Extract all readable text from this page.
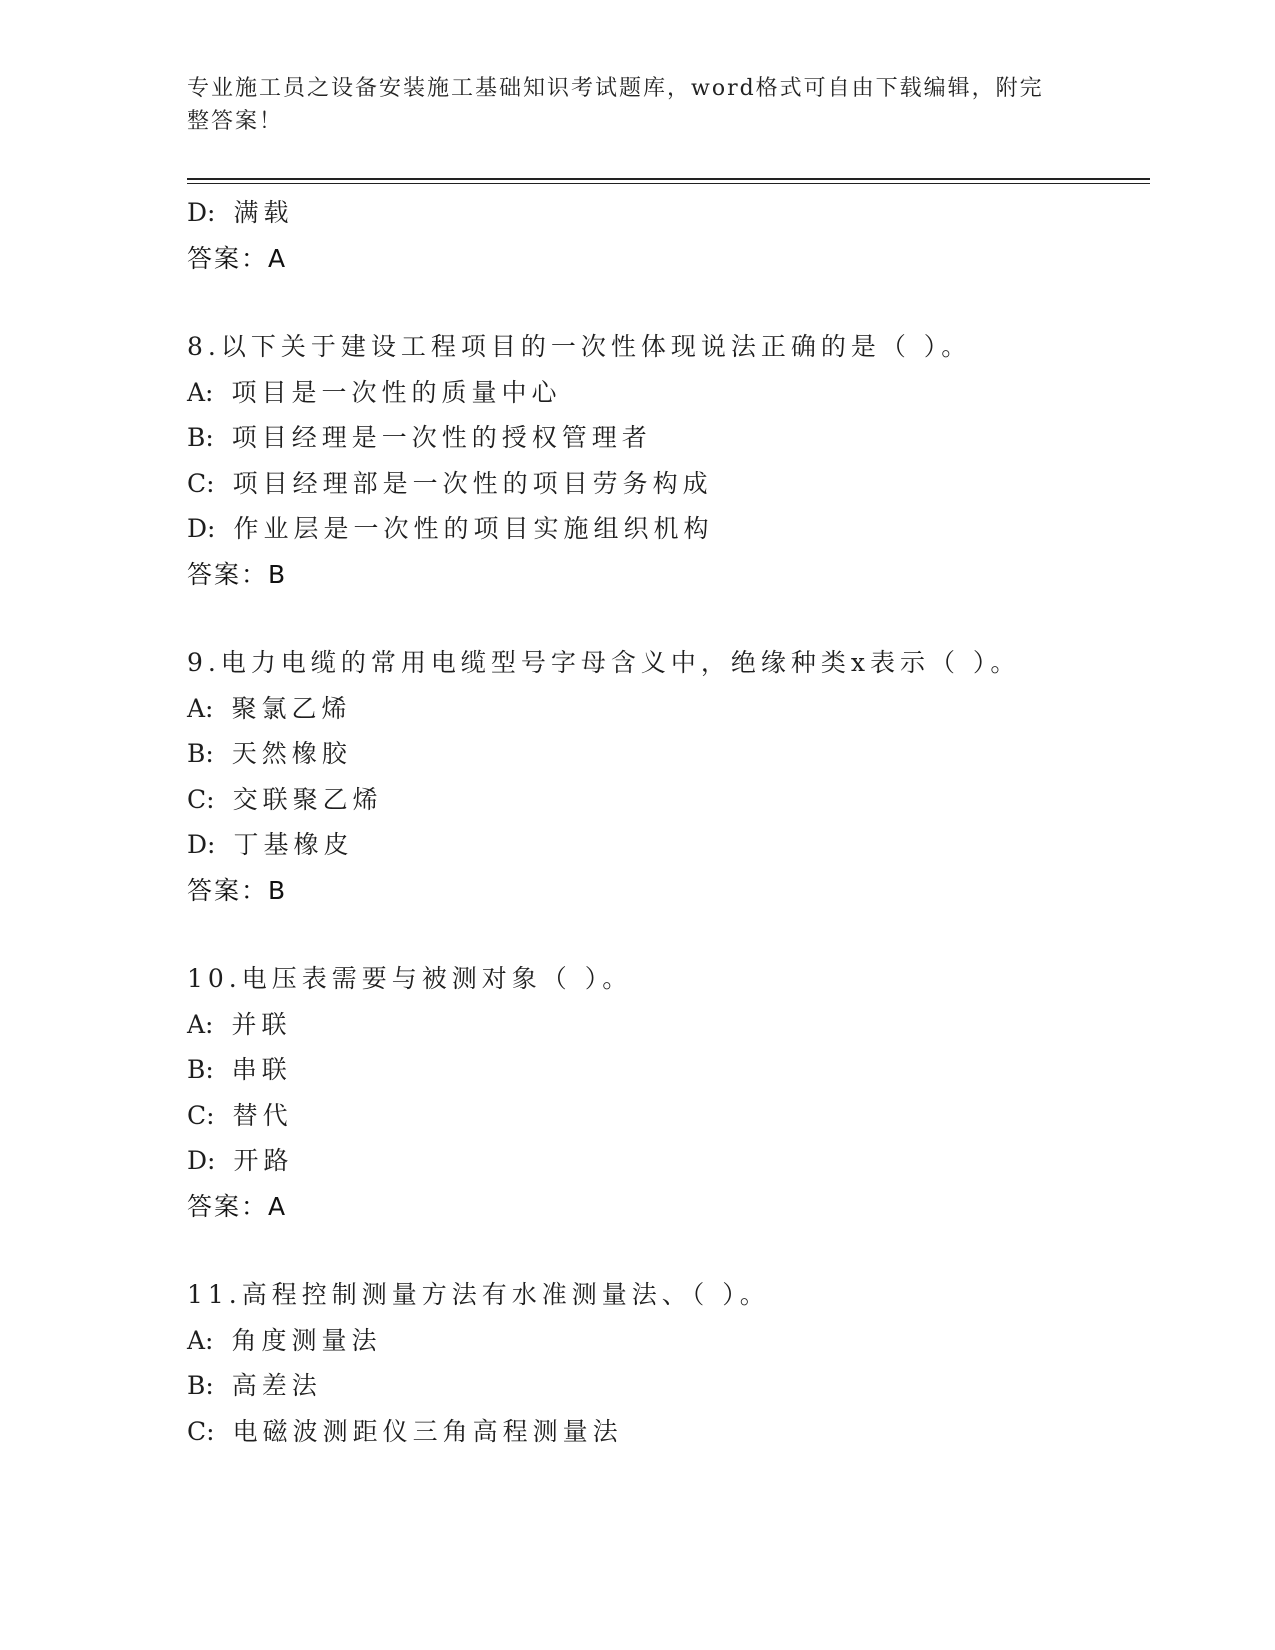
专业施工员之设备安装施工基础知识考试题库，word格式可自由下载编辑，附完整答案！
D: 满载
答案：A
8.以下关于建设工程项目的一次性体现说法正确的是（ ）。
A: 项目是一次性的质量中心
B: 项目经理是一次性的授权管理者
C: 项目经理部是一次性的项目劳务构成
D: 作业层是一次性的项目实施组织机构
答案：B
9.电力电缆的常用电缆型号字母含义中，绝缘种类x表示（ ）。
A: 聚氯乙烯
B: 天然橡胶
C: 交联聚乙烯
D: 丁基橡皮
答案：B
10.电压表需要与被测对象（ ）。
A: 并联
B: 串联
C: 替代
D: 开路
答案：A
11.高程控制测量方法有水准测量法、（ ）。
A: 角度测量法
B: 高差法
C: 电磁波测距仪三角高程测量法
